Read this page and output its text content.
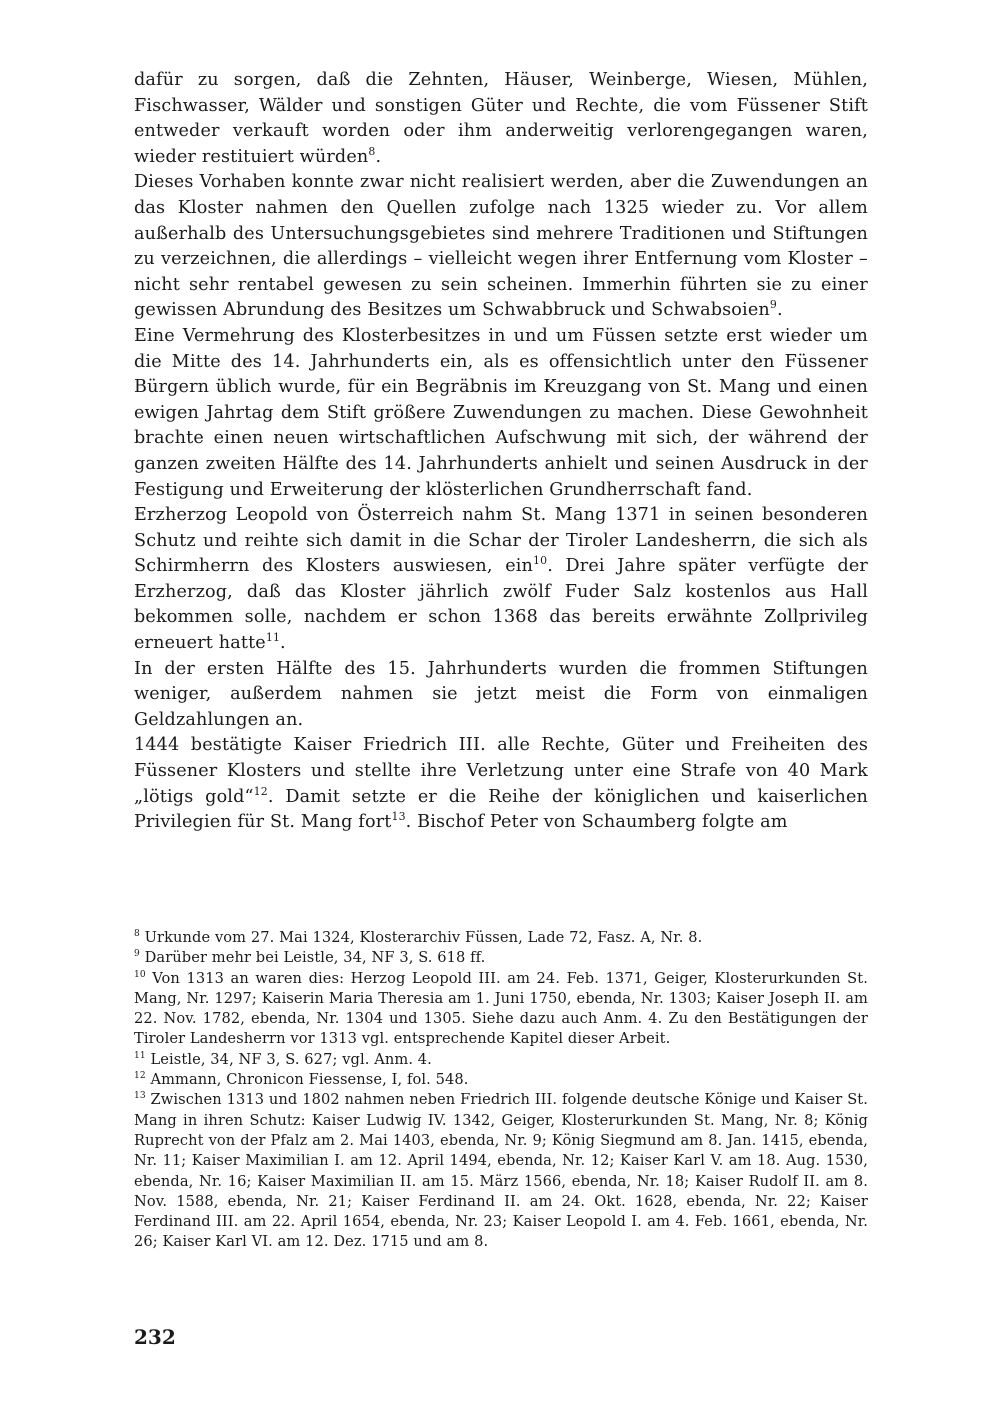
dafür zu sorgen, daß die Zehnten, Häuser, Weinberge, Wiesen, Mühlen, Fischwasser, Wälder und sonstigen Güter und Rechte, die vom Füssener Stift entweder verkauft worden oder ihm anderweitig verlorengegangen waren, wieder restituiert würden$^8$.

Dieses Vorhaben konnte zwar nicht realisiert werden, aber die Zuwendungen an das Kloster nahmen den Quellen zufolge nach 1325 wieder zu. Vor allem außerhalb des Untersuchungsgebietes sind mehrere Traditionen und Stiftungen zu verzeichnen, die allerdings – vielleicht wegen ihrer Entfernung vom Kloster – nicht sehr rentabel gewesen zu sein scheinen. Immerhin führten sie zu einer gewissen Abrundung des Besitzes um Schwabbruck und Schwabsoien$^9$.

Eine Vermehrung des Klosterbesitzes in und um Füssen setzte erst wieder um die Mitte des 14. Jahrhunderts ein, als es offensichtlich unter den Füssener Bürgern üblich wurde, für ein Begräbnis im Kreuzgang von St. Mang und einen ewigen Jahrtag dem Stift größere Zuwendungen zu machen. Diese Gewohnheit brachte einen neuen wirtschaftlichen Aufschwung mit sich, der während der ganzen zweiten Hälfte des 14. Jahrhunderts anhielt und seinen Ausdruck in der Festigung und Erweiterung der klösterlichen Grundherrschaft fand.

Erzherzog Leopold von Österreich nahm St. Mang 1371 in seinen besonderen Schutz und reihte sich damit in die Schar der Tiroler Landesherrn, die sich als Schirmherrn des Klosters auswiesen, ein$^{10}$. Drei Jahre später verfügte der Erzherzog, daß das Kloster jährlich zwölf Fuder Salz kostenlos aus Hall bekommen solle, nachdem er schon 1368 das bereits erwähnte Zollprivileg erneuert hatte$^{11}$.

In der ersten Hälfte des 15. Jahrhunderts wurden die frommen Stiftungen weniger, außerdem nahmen sie jetzt meist die Form von einmaligen Geldzahlungen an.

1444 bestätigte Kaiser Friedrich III. alle Rechte, Güter und Freiheiten des Füssener Klosters und stellte ihre Verletzung unter eine Strafe von 40 Mark „lötigs gold“$^{12}$. Damit setzte er die Reihe der königlichen und kaiserlichen Privilegien für St. Mang fort$^{13}$. Bischof Peter von Schaumberg folgte am

$^8$ Urkunde vom 27. Mai 1324, Klosterarchiv Füssen, Lade 72, Fasz. A, Nr. 8.

$^9$ Darüber mehr bei Leistle, 34, NF 3, S. 618 ff.

$^{10}$ Von 1313 an waren dies: Herzog Leopold III. am 24. Feb. 1371, Geiger, Klosterurkunden St. Mang, Nr. 1297; Kaiserin Maria Theresia am 1. Juni 1750, ebenda, Nr. 1303; Kaiser Joseph II. am 22. Nov. 1782, ebenda, Nr. 1304 und 1305. Siehe dazu auch Anm. 4. Zu den Bestätigungen der Tiroler Landesherrn vor 1313 vgl. entsprechende Kapitel dieser Arbeit.

$^{11}$ Leistle, 34, NF 3, S. 627; vgl. Anm. 4.

$^{12}$ Ammann, Chronicon Fiessense, I, fol. 548.

$^{13}$ Zwischen 1313 und 1802 nahmen neben Friedrich III. folgende deutsche Könige und Kaiser St. Mang in ihren Schutz: Kaiser Ludwig IV. 1342, Geiger, Klosterurkunden St. Mang, Nr. 8; König Ruprecht von der Pfalz am 2. Mai 1403, ebenda, Nr. 9; König Siegmund am 8. Jan. 1415, ebenda, Nr. 11; Kaiser Maximilian I. am 12. April 1494, ebenda, Nr. 12; Kaiser Karl V. am 18. Aug. 1530, ebenda, Nr. 16; Kaiser Maximilian II. am 15. März 1566, ebenda, Nr. 18; Kaiser Rudolf II. am 8. Nov. 1588, ebenda, Nr. 21; Kaiser Ferdinand II. am 24. Okt. 1628, ebenda, Nr. 22; Kaiser Ferdinand III. am 22. April 1654, ebenda, Nr. 23; Kaiser Leopold I. am 4. Feb. 1661, ebenda, Nr. 26; Kaiser Karl VI. am 12. Dez. 1715 und am 8.

232
